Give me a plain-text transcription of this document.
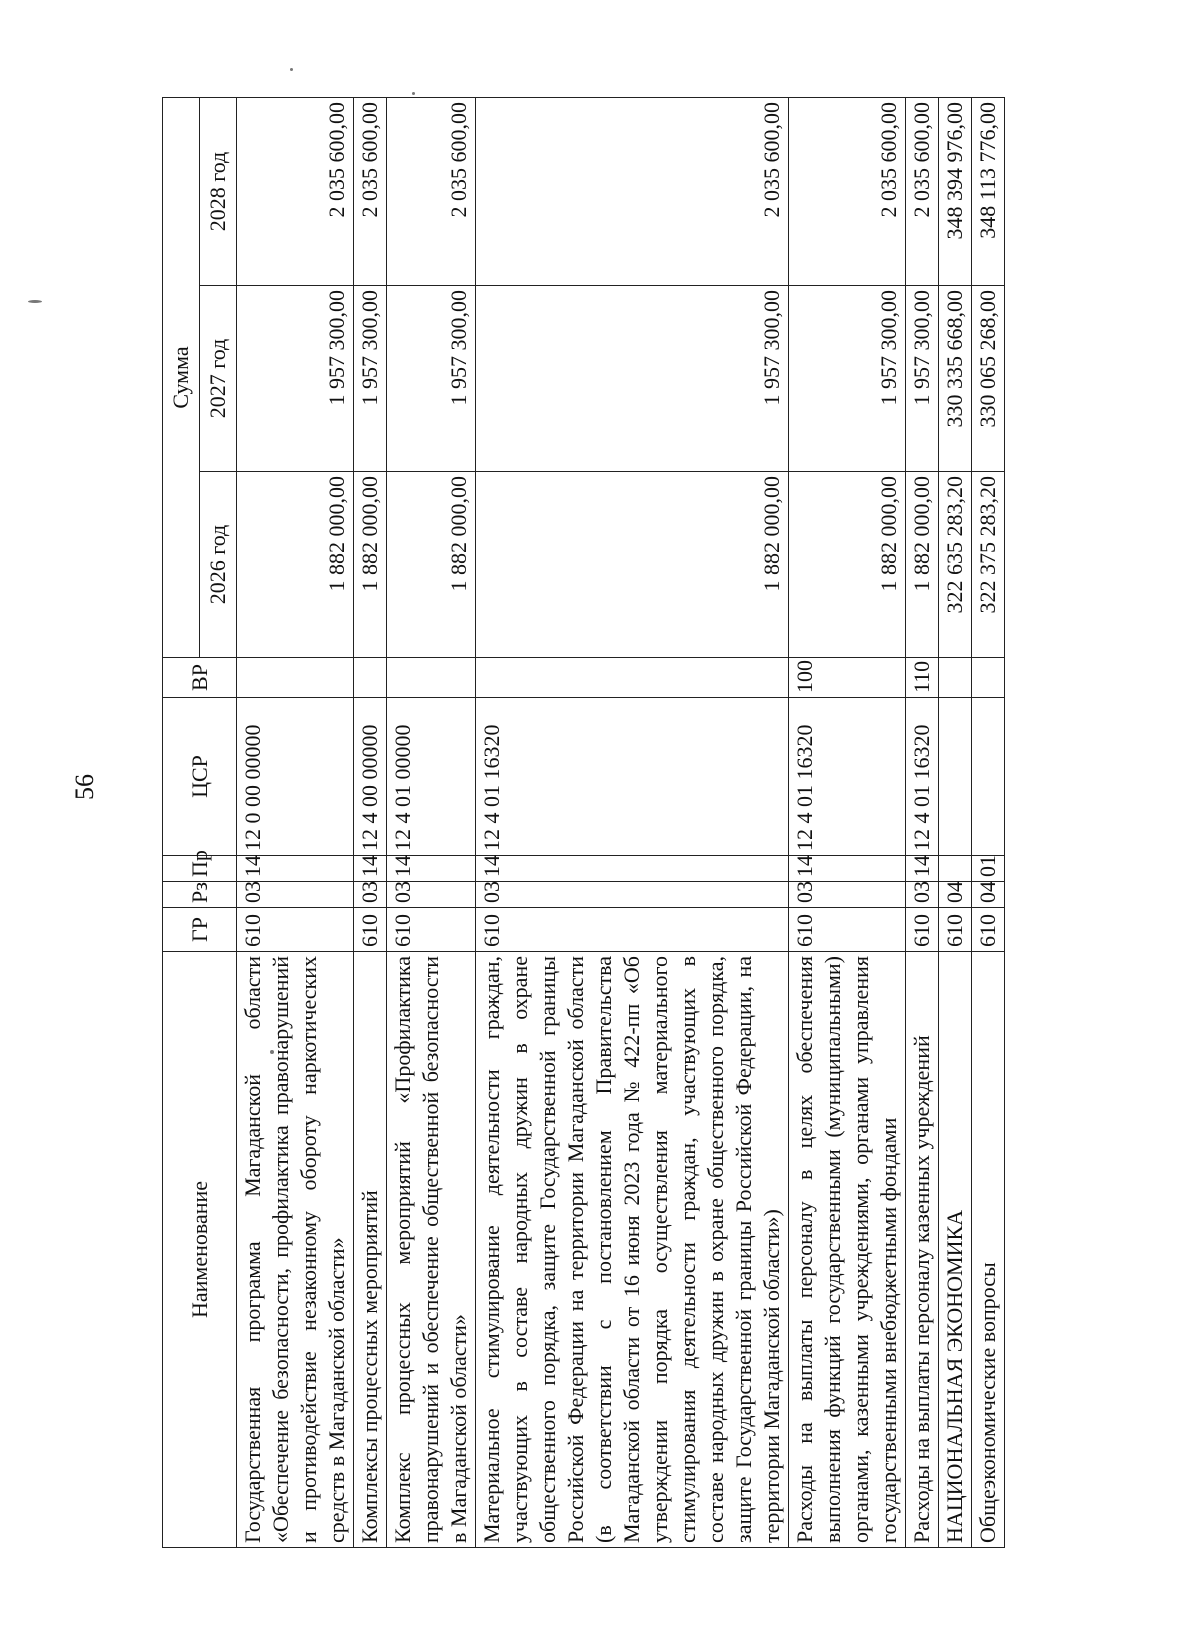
56
Наименование	ГР	Рз	Пр	ЦСР	ВР	Сумма		
						2026 год	2027 год	2028 год
Государственная программа Магаданской области «Обеспечение безопасности, профилактика правонарушений и противодействие незаконному обороту наркотических средств в Магаданской области»	610	03	14	12 0 00 00000		1 882 000,00	1 957 300,00	2 035 600,00
Комплексы процессных мероприятий	610	03	14	12 4 00 00000		1 882 000,00	1 957 300,00	2 035 600,00
Комплекс процессных мероприятий «Профилактика правонарушений и обеспечение общественной безопасности в Магаданской области»	610	03	14	12 4 01 00000		1 882 000,00	1 957 300,00	2 035 600,00
Материальное стимулирование деятельности граждан, участвующих в составе народных дружин в охране общественного порядка, защите Государственной границы Российской Федерации на территории Магаданской области (в соответствии с постановлением Правительства Магаданской области от 16 июня 2023 года № 422-пп «Об утверждении порядка осуществления материального стимулирования деятельности граждан, участвующих в составе народных дружин в охране общественного порядка, защите Государственной границы Российской Федерации, на территории Магаданской области»)	610	03	14	12 4 01 16320		1 882 000,00	1 957 300,00	2 035 600,00
Расходы на выплаты персоналу в целях обеспечения выполнения функций государственными (муниципальными) органами, казенными учреждениями, органами управления государственными внебюджетными фондами	610	03	14	12 4 01 16320	100	1 882 000,00	1 957 300,00	2 035 600,00
Расходы на выплаты персоналу казенных учреждений	610	03	14	12 4 01 16320	110	1 882 000,00	1 957 300,00	2 035 600,00
НАЦИОНАЛЬНАЯ ЭКОНОМИКА	610	04				322 635 283,20	330 335 668,00	348 394 976,00
Общеэкономические вопросы	610	04	01			322 375 283,20	330 065 268,00	348 113 776,00
